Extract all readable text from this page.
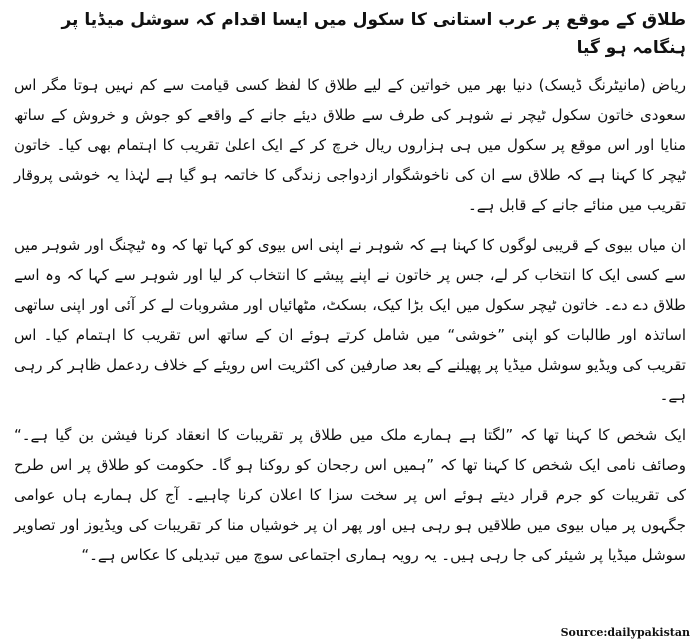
طلاق کے موقع پر عرب استانی کا سکول میں ایسا اقدام کہ سوشل میڈیا پر ہنگامہ ہو گیا

ریاض (مانیٹرنگ ڈیسک) دنیا بھر میں خواتین کے لیے طلاق کا لفظ کسی قیامت سے کم نہیں ہوتا مگر اس سعودی خاتون سکول ٹیچر نے شوہر کی طرف سے طلاق دیئے جانے کے واقعے کو جوش و خروش کے ساتھ منایا اور اس موقع پر سکول میں ہی ہزاروں ریال خرچ کر کے ایک اعلیٰ تقریب کا اہتمام بھی کیا۔ خاتون ٹیچر کا کہنا ہے کہ طلاق سے ان کی ناخوشگوار ازدواجی زندگی کا خاتمہ ہو گیا ہے لہٰذا یہ خوشی پروقار تقریب میں منائے جانے کے قابل ہے۔

ان میاں بیوی کے قریبی لوگوں کا کہنا ہے کہ شوہر نے اپنی اس بیوی کو کہا تھا کہ وہ ٹیچنگ اور شوہر میں سے کسی ایک کا انتخاب کر لے، جس پر خاتون نے اپنے پیشے کا انتخاب کر لیا اور شوہر سے کہا کہ وہ اسے طلاق دے دے۔ خاتون ٹیچر سکول میں ایک بڑا کیک، بسکٹ، مٹھائیاں اور مشروبات لے کر آئی اور اپنی ساتھی اساتذہ اور طالبات کو اپنی ”خوشی“ میں شامل کرتے ہوئے ان کے ساتھ اس تقریب کا اہتمام کیا۔ اس تقریب کی ویڈیو سوشل میڈیا پر پھیلنے کے بعد صارفین کی اکثریت اس رویئے کے خلاف ردعمل ظاہر کر رہی ہے۔

ایک شخص کا کہنا تھا کہ ”لگتا ہے ہمارے ملک میں طلاق پر تقریبات کا انعقاد کرنا فیشن بن گیا ہے۔“ وصائف نامی ایک شخص کا کہنا تھا کہ ”ہمیں اس رجحان کو روکنا ہو گا۔ حکومت کو طلاق پر اس طرح کی تقریبات کو جرم قرار دیتے ہوئے اس پر سخت سزا کا اعلان کرنا چاہیے۔ آج کل ہمارے ہاں عوامی جگہوں پر میاں بیوی میں طلاقیں ہو رہی ہیں اور پھر ان پر خوشیاں منا کر تقریبات کی ویڈیوز اور تصاویر سوشل میڈیا پر شیئر کی جا رہی ہیں۔ یہ رویہ ہماری اجتماعی سوچ میں تبدیلی کا عکاس ہے۔“

Source:dailypakistan
